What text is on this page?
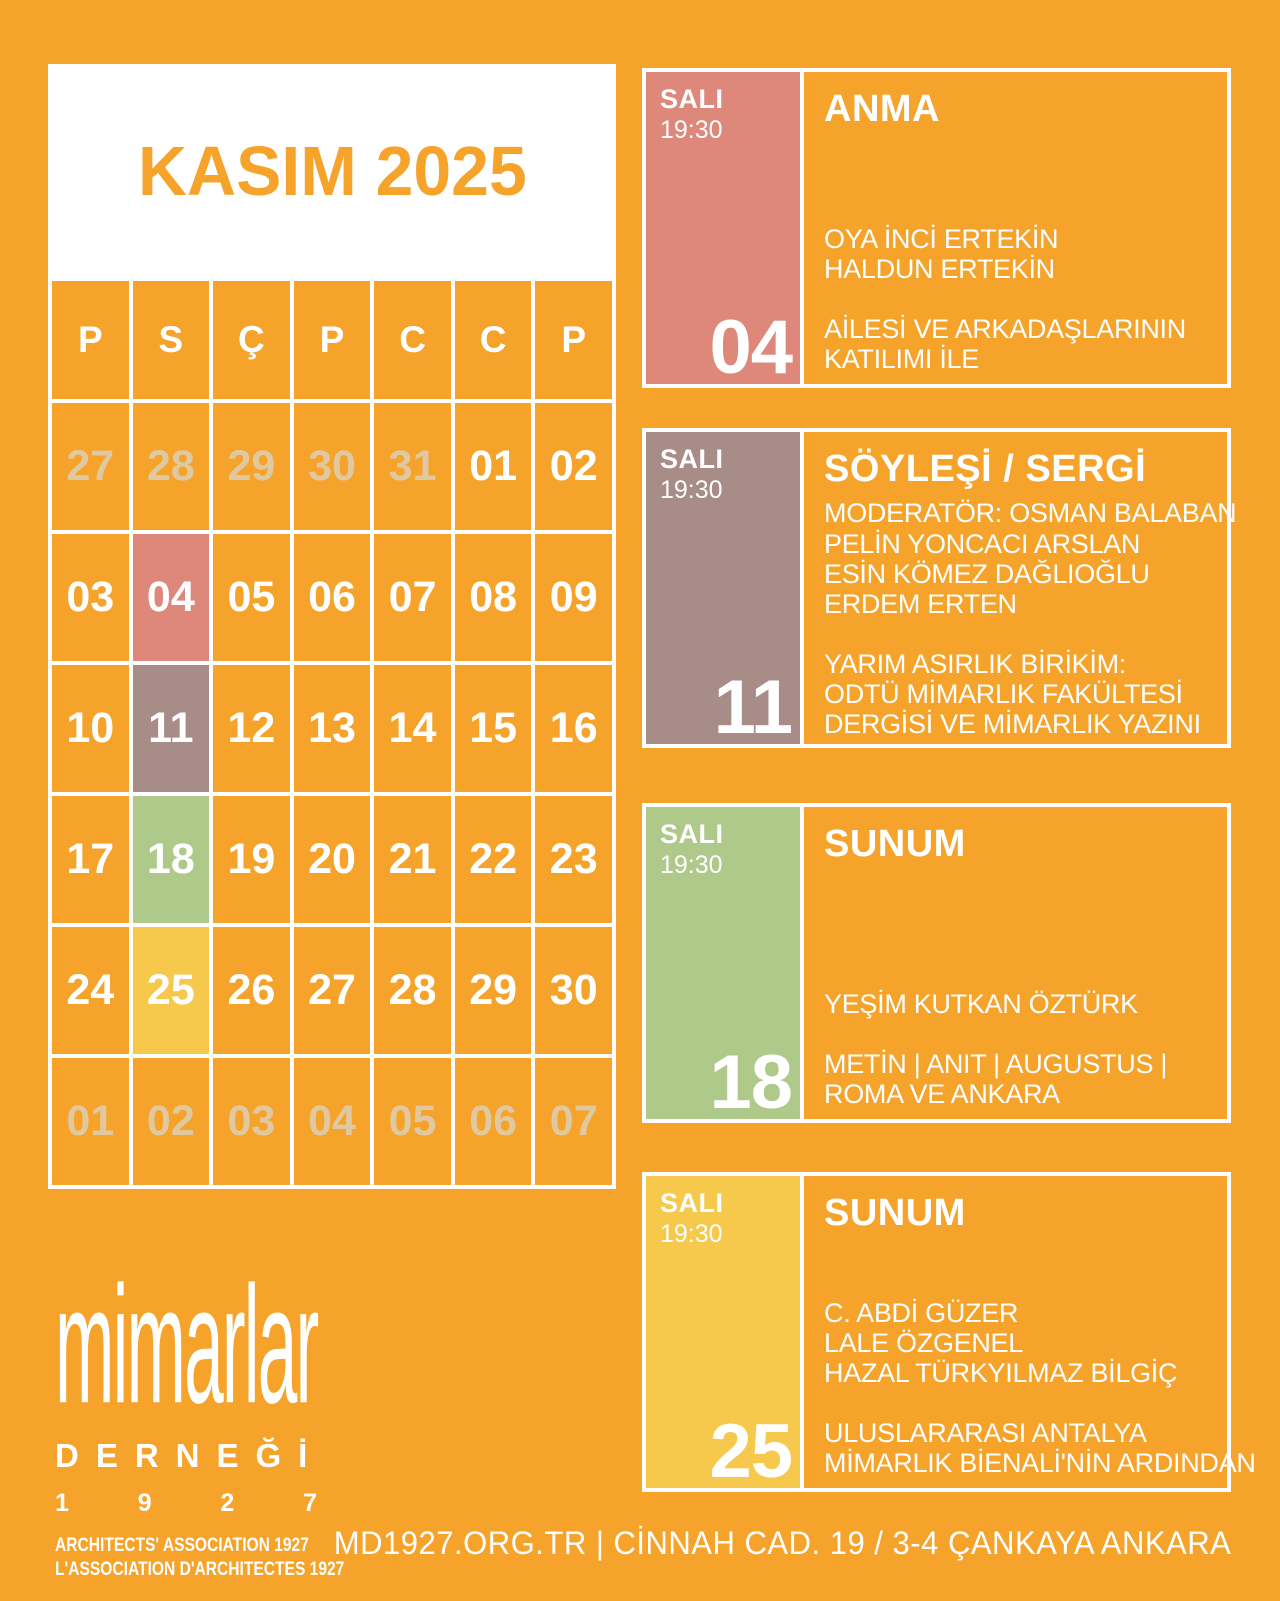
KASIM 2025
P	S	Ç	P	C	C	P
27 28 29 30 31 01 02
03 04 05 06 07 08 09
10 11 12 13 14 15 16
17 18 19 20 21 22 23
24 25 26 27 28 29 30
01 02 03 04 05 06 07
SALI
19:30
04
ANMA
OYA İNCİ ERTEKİN
HALDUN ERTEKİN
AİLESİ VE ARKADAŞLARININ
KATILIMI İLE
SALI
19:30
11
SÖYLEŞİ / SERGİ
MODERATÖR: OSMAN BALABAN
PELİN YONCACI ARSLAN
ESİN KÖMEZ DAĞLIOĞLU
ERDEM ERTEN
YARIM ASIRLIK BİRİKİM:
ODTÜ MİMARLIK FAKÜLTESİ
DERGİSİ VE MİMARLIK YAZINI
SALI
19:30
18
SUNUM
YEŞİM KUTKAN ÖZTÜRK
METİN | ANIT | AUGUSTUS |
ROMA VE ANKARA
SALI
19:30
25
SUNUM
C. ABDİ GÜZER
LALE ÖZGENEL
HAZAL TÜRKYILMAZ BİLGİÇ
ULUSLARARASI ANTALYA
MİMARLIK BİENALİ'NİN ARDINDAN
mimarlar
DERNEĞİ
1	9	2	7
ARCHITECTS' ASSOCIATION 1927
L'ASSOCIATION D'ARCHITECTES 1927
MD1927.ORG.TR | CİNNAH CAD. 19 / 3-4 ÇANKAYA ANKARA
